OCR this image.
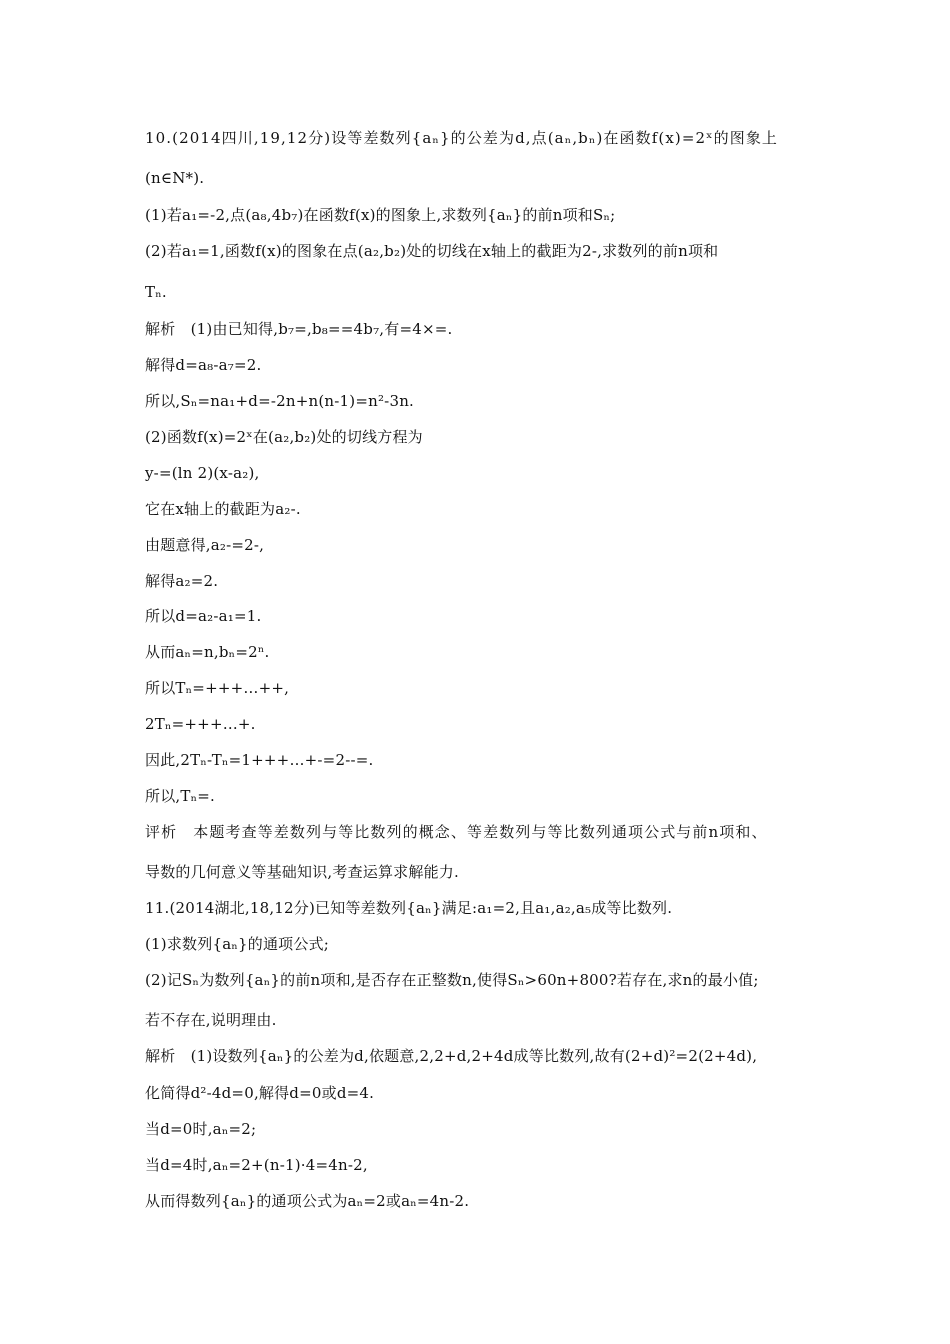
10.(2014四川,19,12分)设等差数列{aₙ}的公差为d,点(aₙ,bₙ)在函数f(x)=2ˣ的图象上
(n∈N*).
(1)若a₁=-2,点(a₈,4b₇)在函数f(x)的图象上,求数列{aₙ}的前n项和Sₙ;
(2)若a₁=1,函数f(x)的图象在点(a₂,b₂)处的切线在x轴上的截距为2-,求数列的前n项和
Tₙ.
解析　(1)由已知得,b₇=,b₈==4b₇,有=4×=.
解得d=a₈-a₇=2.
所以,Sₙ=na₁+d=-2n+n(n-1)=n²-3n.
(2)函数f(x)=2ˣ在(a₂,b₂)处的切线方程为
y-=(ln 2)(x-a₂),
它在x轴上的截距为a₂-.
由题意得,a₂-=2-,
解得a₂=2.
所以d=a₂-a₁=1.
从而aₙ=n,bₙ=2ⁿ.
所以Tₙ=+++…++,
2Tₙ=+++…+.
因此,2Tₙ-Tₙ=1+++…+-=2--=.
所以,Tₙ=.
评析　本题考查等差数列与等比数列的概念、等差数列与等比数列通项公式与前n项和、
导数的几何意义等基础知识,考查运算求解能力.
11.(2014湖北,18,12分)已知等差数列{aₙ}满足:a₁=2,且a₁,a₂,a₅成等比数列.
(1)求数列{aₙ}的通项公式;
(2)记Sₙ为数列{aₙ}的前n项和,是否存在正整数n,使得Sₙ>60n+800?若存在,求n的最小值;
若不存在,说明理由.
解析　(1)设数列{aₙ}的公差为d,依题意,2,2+d,2+4d成等比数列,故有(2+d)²=2(2+4d),
化简得d²-4d=0,解得d=0或d=4.
当d=0时,aₙ=2;
当d=4时,aₙ=2+(n-1)·4=4n-2,
从而得数列{aₙ}的通项公式为aₙ=2或aₙ=4n-2.
